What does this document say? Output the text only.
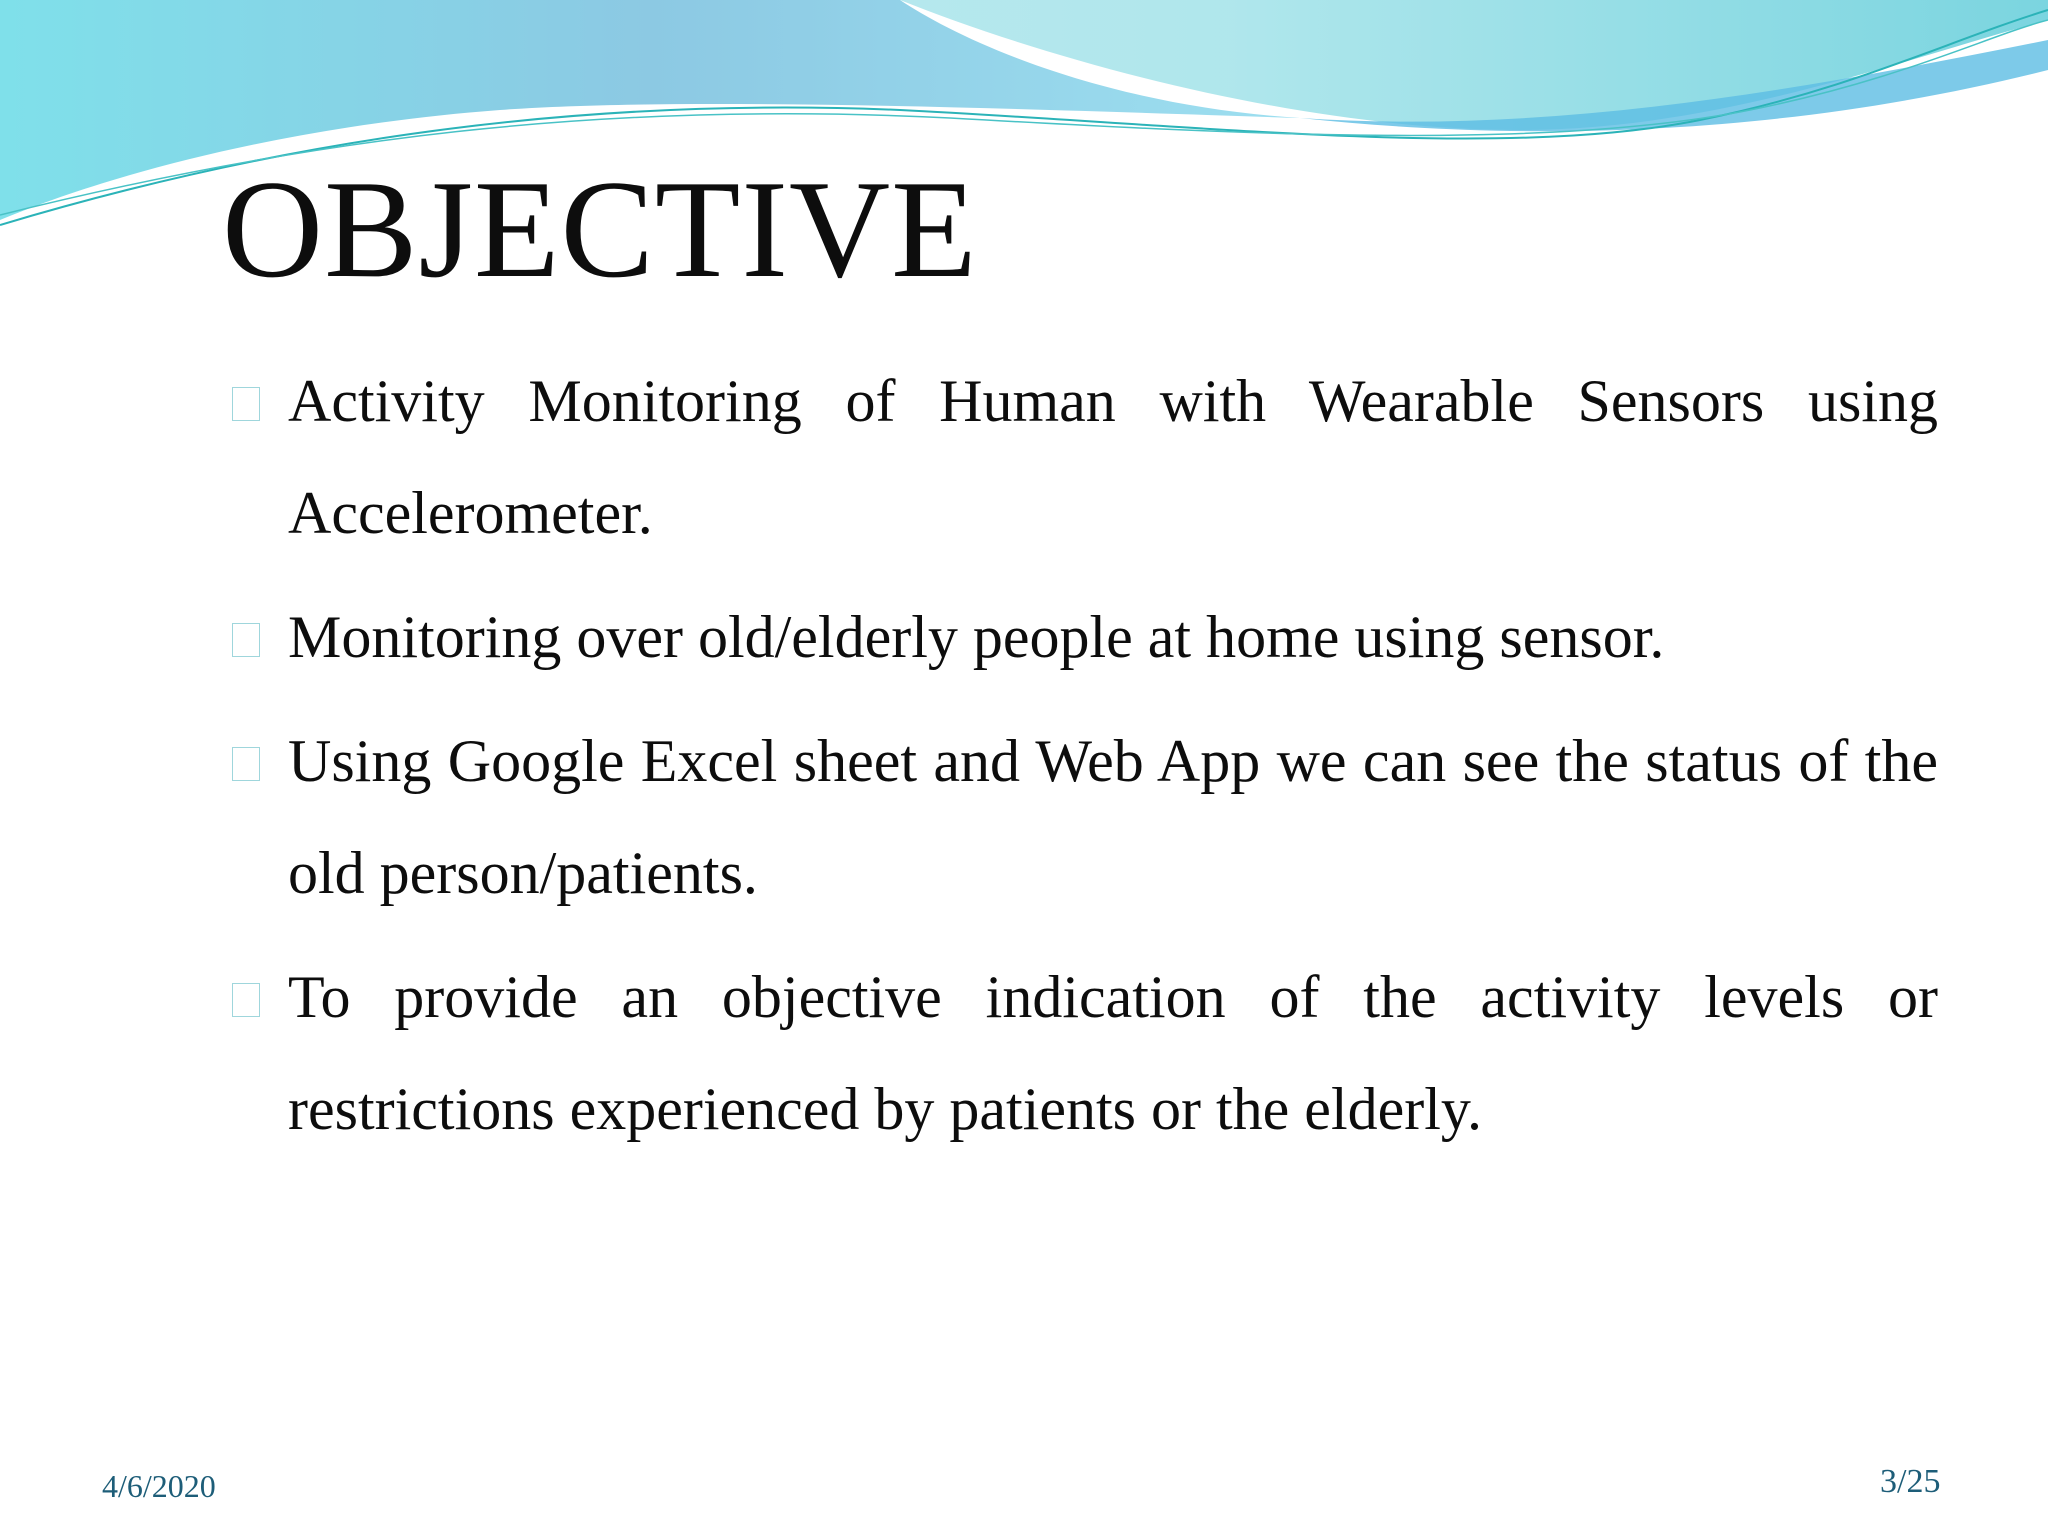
OBJECTIVE
Activity Monitoring of Human with Wearable Sensors using Accelerometer.
Monitoring over old/elderly people at home using sensor.
Using Google Excel sheet and Web App we can see the status of the old person/patients.
To provide an objective indication of the activity levels or restrictions experienced by patients or the elderly.
4/6/2020	3/25
